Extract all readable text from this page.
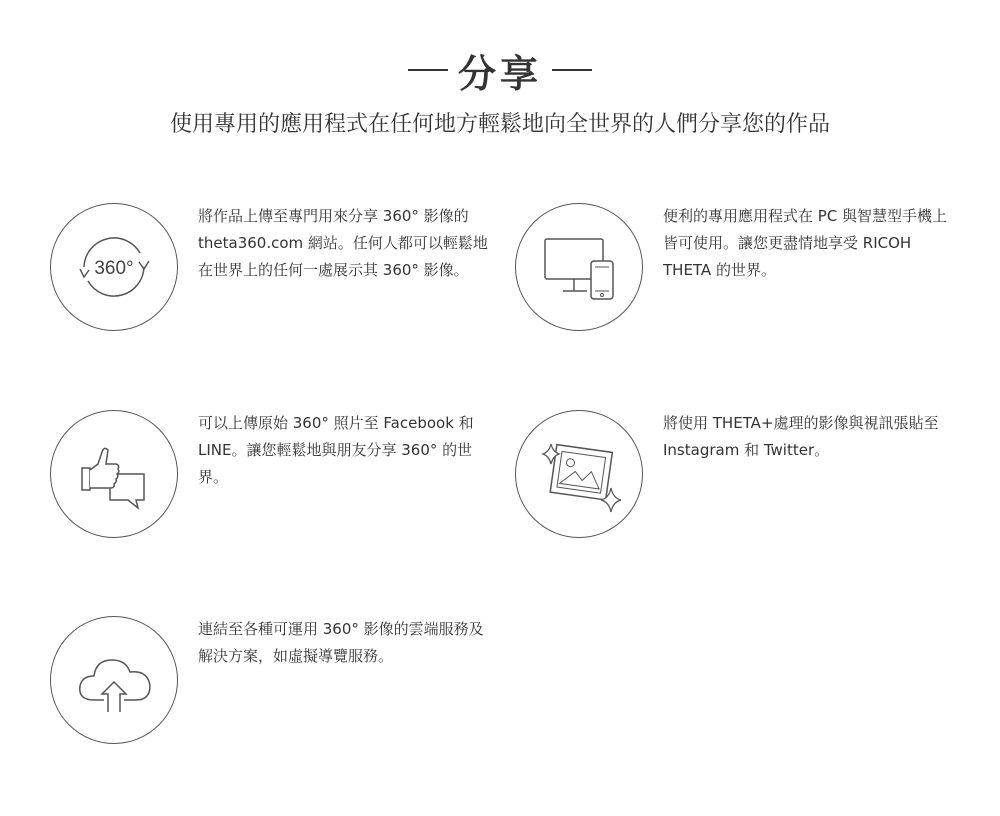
分享
使用專用的應用程式在任何地方輕鬆地向全世界的人們分享您的作品
360°
將作品上傳至專門用來分享 360° 影像的 theta360.com 網站。任何人都可以輕鬆地在世界上的任何一處展示其 360° 影像。
便利的專用應用程式在 PC 與智慧型手機上皆可使用。讓您更盡情地享受 RICOH THETA 的世界。
可以上傳原始 360° 照片至 Facebook 和 LINE。讓您輕鬆地與朋友分享 360° 的世界。
將使用 THETA+處理的影像與視訊張貼至 Instagram 和 Twitter。
連結至各種可運用 360° 影像的雲端服務及解決方案，如虛擬導覽服務。
